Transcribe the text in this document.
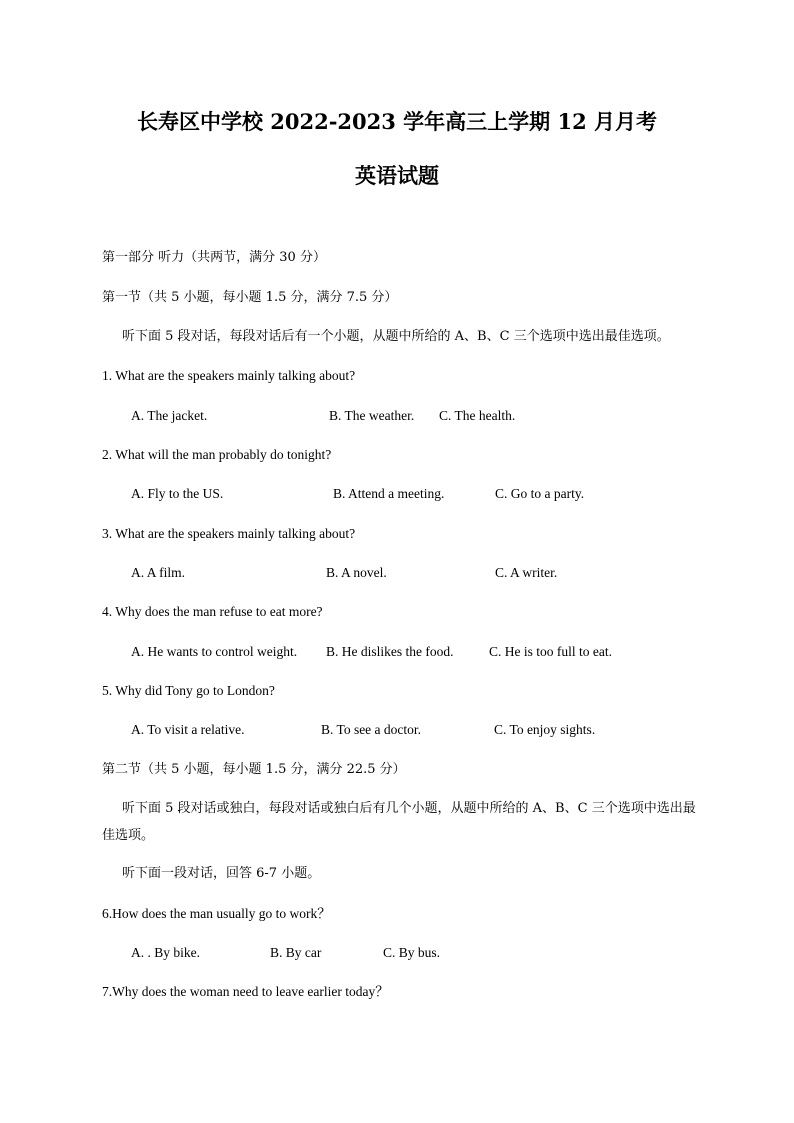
长寿区中学校 2022-2023 学年高三上学期 12 月月考
英语试题
第一部分 听力（共两节，满分 30 分）
第一节（共 5 小题，每小题 1.5 分，满分 7.5 分）
听下面 5 段对话，每段对话后有一个小题，从题中所给的 A、B、C 三个选项中选出最佳选项。
1. What are the speakers mainly talking about?
A. The jacket.	B. The weather. C. The health.
2. What will the man probably do tonight?
A. Fly to the US.	B. Attend a meeting.	C. Go to a party.
3. What are the speakers mainly talking about?
A. A film.	B. A novel.	C. A writer.
4. Why does the man refuse to eat more?
A. He wants to control weight. B. He dislikes the food.	C. He is too full to eat.
5. Why did Tony go to London?
A. To visit a relative.	B. To see a doctor.	C. To enjoy sights.
第二节（共 5 小题，每小题 1.5 分，满分 22.5 分）
听下面 5 段对话或独白，每段对话或独白后有几个小题，从题中所给的 A、B、C 三个选项中选出最佳选项。
听下面一段对话，回答 6-7 小题。
6.How does the man usually go to work？
A. . By bike.	B. By car	C. By bus.
7.Why does the woman need to leave earlier today？
